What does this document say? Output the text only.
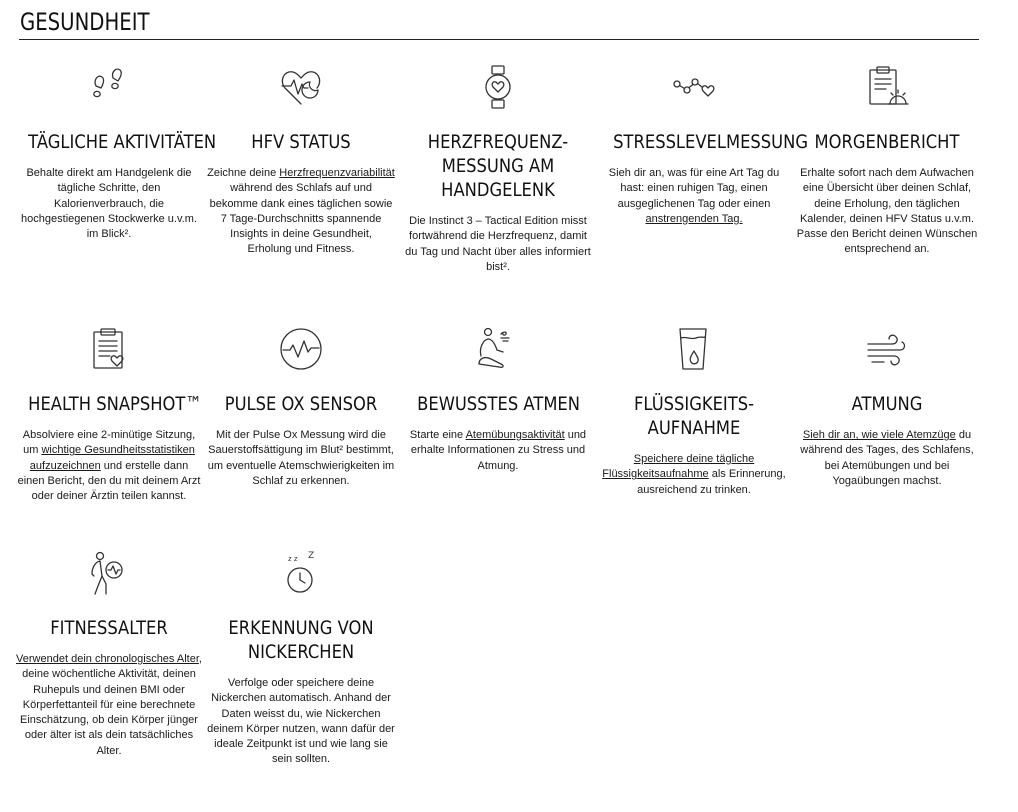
GESUNDHEIT
TÄGLICHE AKTIVITÄTEN

Behalte direkt am Handgelenk die tägliche Schritte, den Kalorienverbrauch, die hochgestiegenen Stockwerke u.v.m. im Blick².

HFV STATUS

Zeichne deine Herzfrequenzvariabilität während des Schlafs auf und bekomme dank eines täglichen sowie 7 Tage-Durchschnitts spannende Insights in deine Gesundheit, Erholung und Fitness.

HERZFREQUENZ-
MESSUNG AM
HANDGELENK

Die Instinct 3 – Tactical Edition misst fortwährend die Herzfrequenz, damit du Tag und Nacht über alles informiert bist².

STRESSLEVELMESSUNG

Sieh dir an, was für eine Art Tag du hast: einen ruhigen Tag, einen ausgeglichenen Tag oder einen anstrengenden Tag.

MORGENBERICHT

Erhalte sofort nach dem Aufwachen eine Übersicht über deinen Schlaf, deine Erholung, den täglichen Kalender, deinen HFV Status u.v.m. Passe den Bericht deinen Wünschen entsprechend an.

HEALTH SNAPSHOT™

Absolviere eine 2-minütige Sitzung, um wichtige Gesundheitsstatistiken aufzuzeichnen und erstelle dann einen Bericht, den du mit deinem Arzt oder deiner Ärztin teilen kannst.

PULSE OX SENSOR

Mit der Pulse Ox Messung wird die Sauerstoffsättigung im Blut² bestimmt, um eventuelle Atemschwierigkeiten im Schlaf zu erkennen.

BEWUSSTES ATMEN

Starte eine Atemübungsaktivität und erhalte Informationen zu Stress und Atmung.

FLÜSSIGKEITS-
AUFNAHME

Speichere deine tägliche Flüssigkeitsaufnahme als Erinnerung, ausreichend zu trinken.

ATMUNG

Sieh dir an, wie viele Atemzüge du während des Tages, des Schlafens, bei Atemübungen und bei Yogaübungen machst.

FITNESSALTER

Verwendet dein chronologisches Alter, deine wöchentliche Aktivität, deinen Ruhepuls und deinen BMI oder Körperfettanteil für eine berechnete Einschätzung, ob dein Körper jünger oder älter ist als dein tatsächliches Alter.

z z Z
ERKENNUNG VON
NICKERCHEN

Verfolge oder speichere deine Nickerchen automatisch. Anhand der Daten weisst du, wie Nickerchen deinem Körper nutzen, wann dafür der ideale Zeitpunkt ist und wie lang sie sein sollten.
